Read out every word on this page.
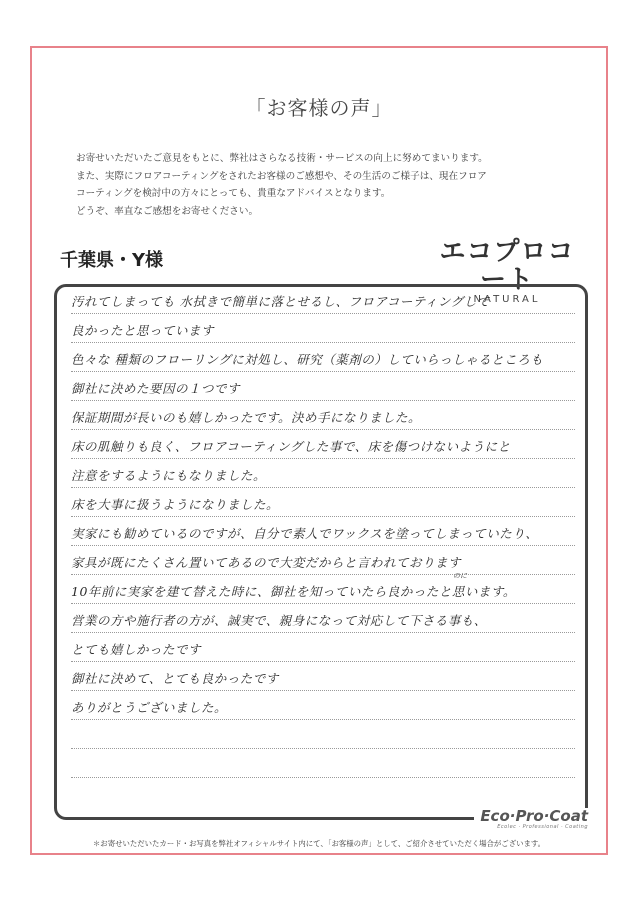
「お客様の声」
お寄せいただいたご意見をもとに、弊社はさらなる技術・サービスの向上に努めてまいります。
また、実際にフロアコーティングをされたお客様のご感想や、その生活のご様子は、現在フロア
コーティングを検討中の方々にとっても、貴重なアドバイスとなります。
どうぞ、率直なご感想をお寄せください。
千葉県・Y様	エコプロコート
NATURAL
汚れてしまっても 水拭きで簡単に落とせるし、フロアコーティングして
良かったと思っています
色々な 種類のフローリングに対処し、研究（薬剤の）していらっしゃるところも
御社に決めた要因の１つです
保証期間が長いのも嬉しかったです。決め手になりました。
床の肌触りも良く、フロアコーティングした事で、床を傷つけないようにと
注意をするようにもなりました。
床を大事に扱うようになりました。
実家にも勧めているのですが、自分で素人でワックスを塗ってしまっていたり、
家具が既にたくさん置いてあるので大変だからと言われております
10年前に実家を建て替えた時に、御社を知っていたら良かったと思います。
営業の方や施行者の方が、誠実で、親身になって対応して下さる事も、
とても嬉しかったです
御社に決めて、とても良かったです
ありがとうございました。
のに
Eco·Pro·Coat
Ecolec · Professional · Coating
＊お寄せいただいたカード・お写真を弊社オフィシャルサイト内にて、「お客様の声」として、ご紹介させていただく場合がございます。
